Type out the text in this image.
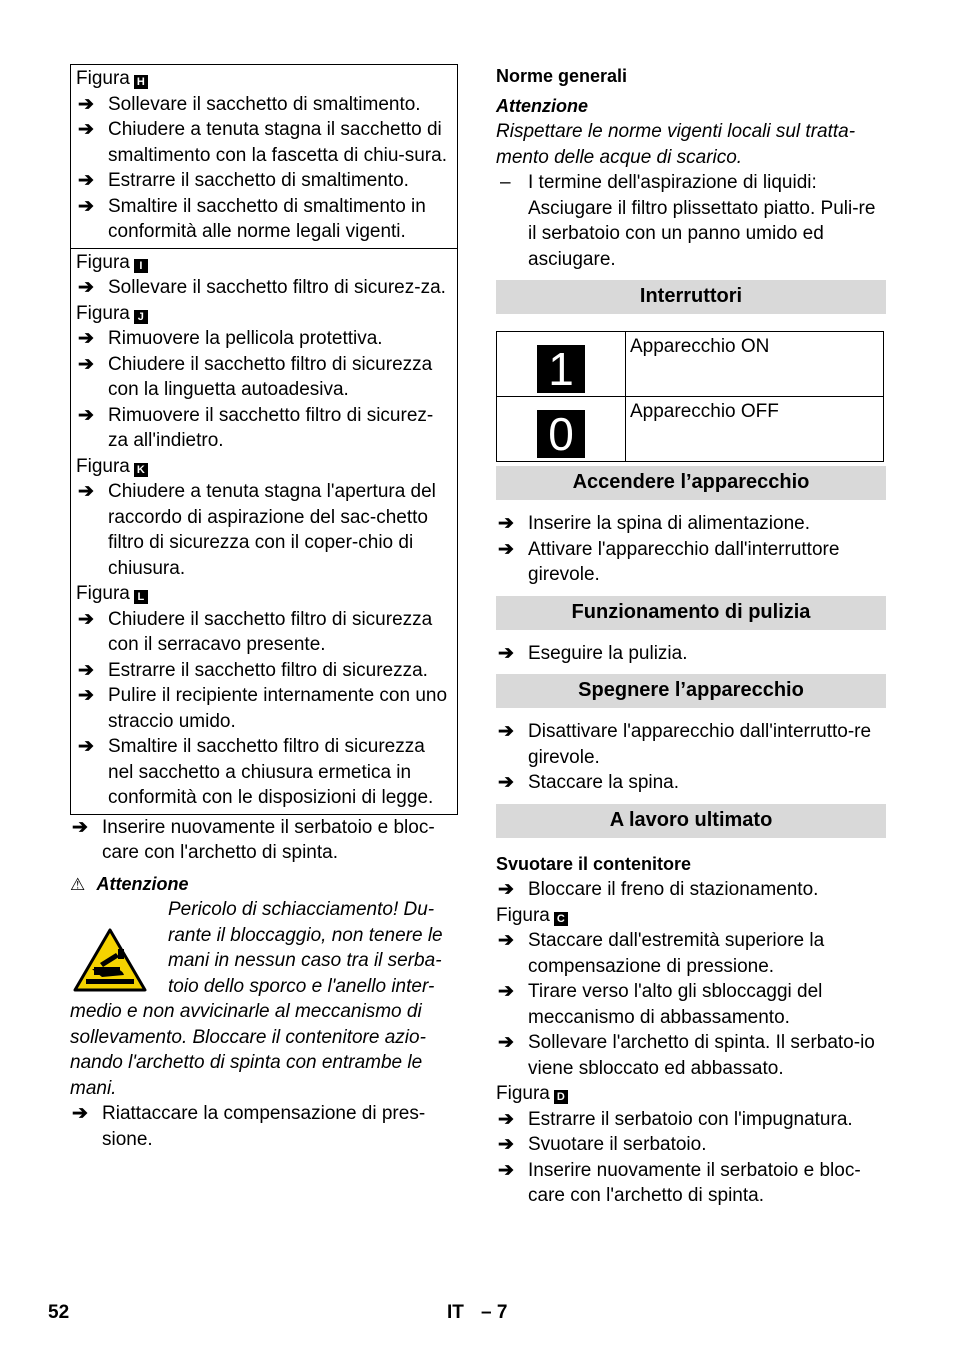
Figura H
➔ Sollevare il sacchetto di smaltimento.
➔ Chiudere a tenuta stagna il sacchetto di smaltimento con la fascetta di chiu-sura.
➔ Estrarre il sacchetto di smaltimento.
➔ Smaltire il sacchetto di smaltimento in conformità alle norme legali vigenti.
Figura I
➔ Sollevare il sacchetto filtro di sicurez-za.
Figura J
➔ Rimuovere la pellicola protettiva.
➔ Chiudere il sacchetto filtro di sicurezza con la linguetta autoadesiva.
➔ Rimuovere il sacchetto filtro di sicurez-za all'indietro.
Figura K
➔ Chiudere a tenuta stagna l'apertura del raccordo di aspirazione del sac-chetto filtro di sicurezza con il coper-chio di chiusura.
Figura L
➔ Chiudere il sacchetto filtro di sicurezza con il serracavo presente.
➔ Estrarre il sacchetto filtro di sicurezza.
➔ Pulire il recipiente internamente con uno straccio umido.
➔ Smaltire il sacchetto filtro di sicurezza nel sacchetto a chiusura ermetica in conformità con le disposizioni di legge.
➔ Inserire nuovamente il serbatoio e bloc-care con l'archetto di spinta.
⚠ Attenzione
Pericolo di schiacciamento! Du-rante il bloccaggio, non tenere le mani in nessun caso tra il serba-toio dello sporco e l'anello inter-
medio e non avvicinarle al meccanismo di sollevamento. Bloccare il contenitore azio-nando l'archetto di spinta con entrambe le mani.
➔ Riattaccare la compensazione di pres-sione.
Norme generali
Attenzione
Rispettare le norme vigenti locali sul tratta-mento delle acque di scarico.
– I termine dell'aspirazione di liquidi: Asciugare il filtro plissettato piatto. Puli-re il serbatoio con un panno umido ed asciugare.
Interruttori
1	Apparecchio ON

0	Apparecchio OFF
Accendere l’apparecchio
➔ Inserire la spina di alimentazione.
➔ Attivare l'apparecchio dall'interruttore girevole.
Funzionamento di pulizia
➔ Eseguire la pulizia.
Spegnere l’apparecchio
➔ Disattivare l'apparecchio dall'interrutto-re girevole.
➔ Staccare la spina.
A lavoro ultimato
Svuotare il contenitore
➔ Bloccare il freno di stazionamento.
Figura C
➔ Staccare dall'estremità superiore la compensazione di pressione.
➔ Tirare verso l'alto gli sbloccaggi del meccanismo di abbassamento.
➔ Sollevare l'archetto di spinta. Il serbato-io viene sbloccato ed abbassato.
Figura D
➔ Estrarre il serbatoio con l'impugnatura.
➔ Svuotare il serbatoio.
➔ Inserire nuovamente il serbatoio e bloc-care con l'archetto di spinta.
52	IT – 7
